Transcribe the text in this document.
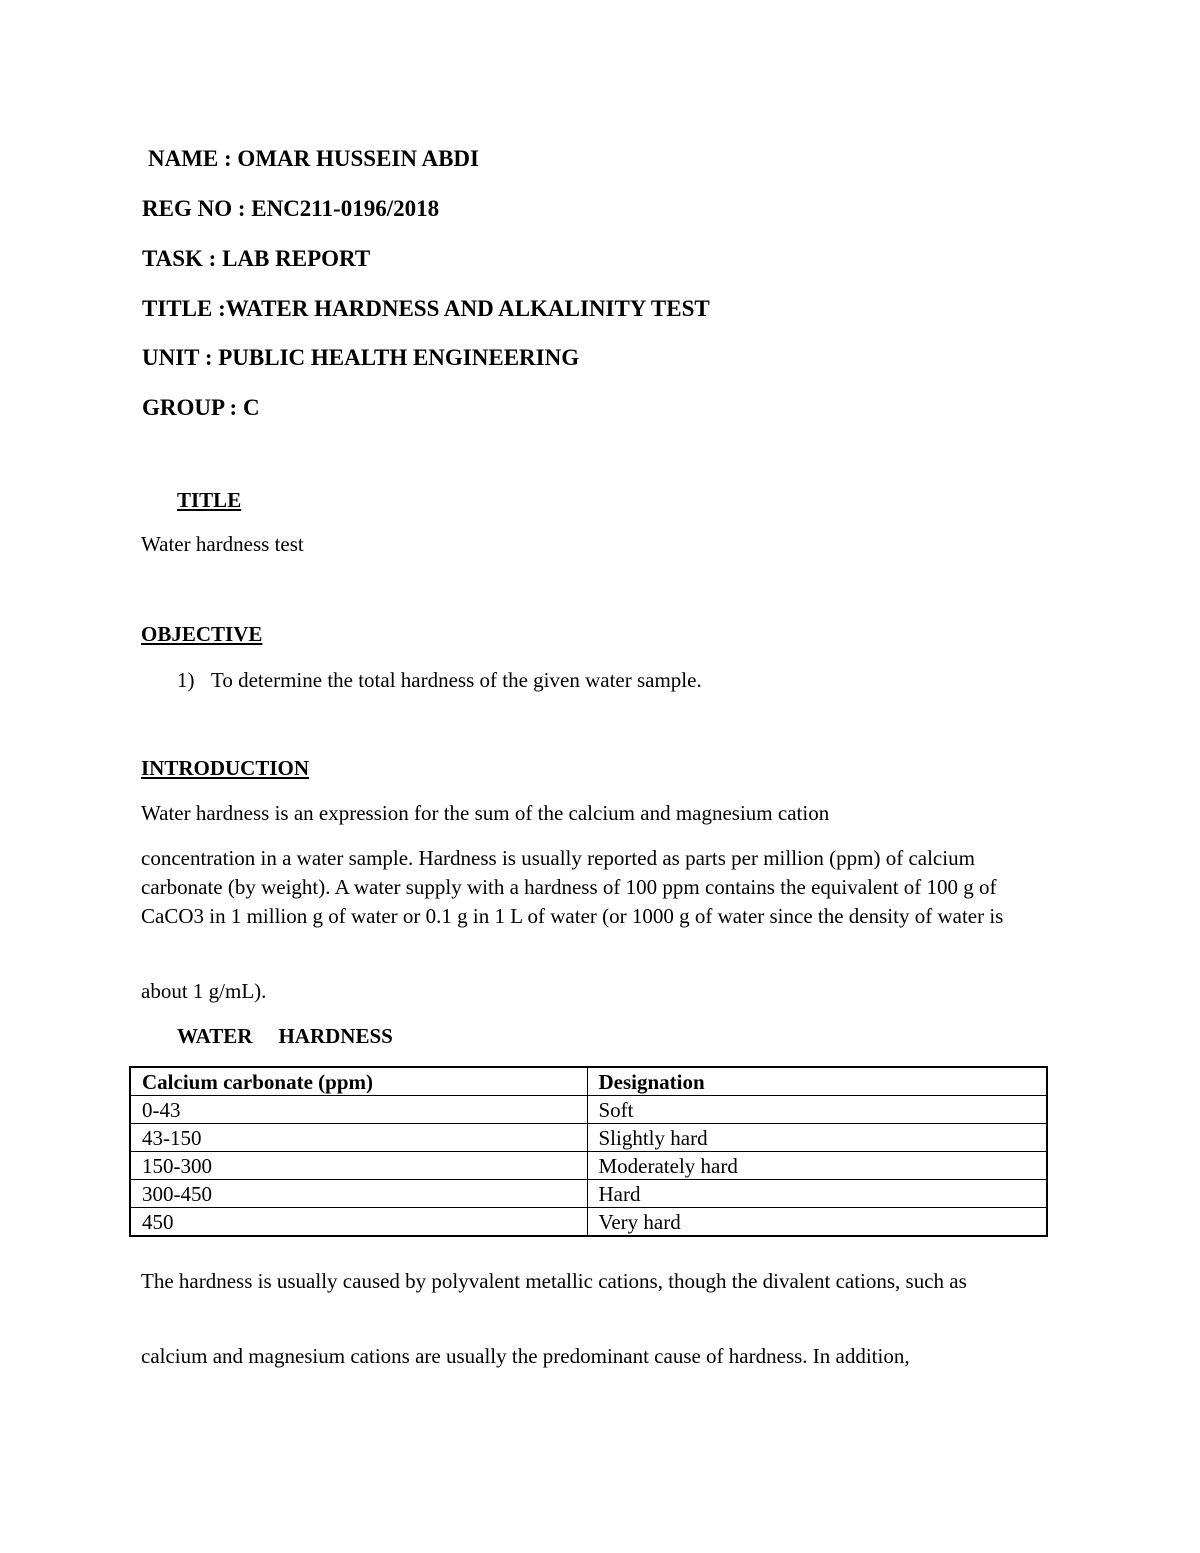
NAME : OMAR HUSSEIN ABDI

REG NO : ENC211-0196/2018

TASK : LAB REPORT

TITLE :WATER HARDNESS AND ALKALINITY TEST

UNIT : PUBLIC HEALTH ENGINEERING

GROUP : C

TITLE

Water hardness test

OBJECTIVE

1) To determine the total hardness of the given water sample.

INTRODUCTION

Water hardness is an expression for the sum of the calcium and magnesium cation

concentration in a water sample. Hardness is usually reported as parts per million (ppm) of calcium carbonate (by weight). A water supply with a hardness of 100 ppm contains the equivalent of 100 g of CaCO3 in 1 million g of water or 0.1 g in 1 L of water (or 1000 g of water since the density of water is

about 1 g/mL).

WATER HARDNESS

Calcium carbonate (ppm)	Designation
0-43	Soft
43-150	Slightly hard
150-300	Moderately hard
300-450	Hard
450	Very hard

The hardness is usually caused by polyvalent metallic cations, though the divalent cations, such as

calcium and magnesium cations are usually the predominant cause of hardness. In addition,
